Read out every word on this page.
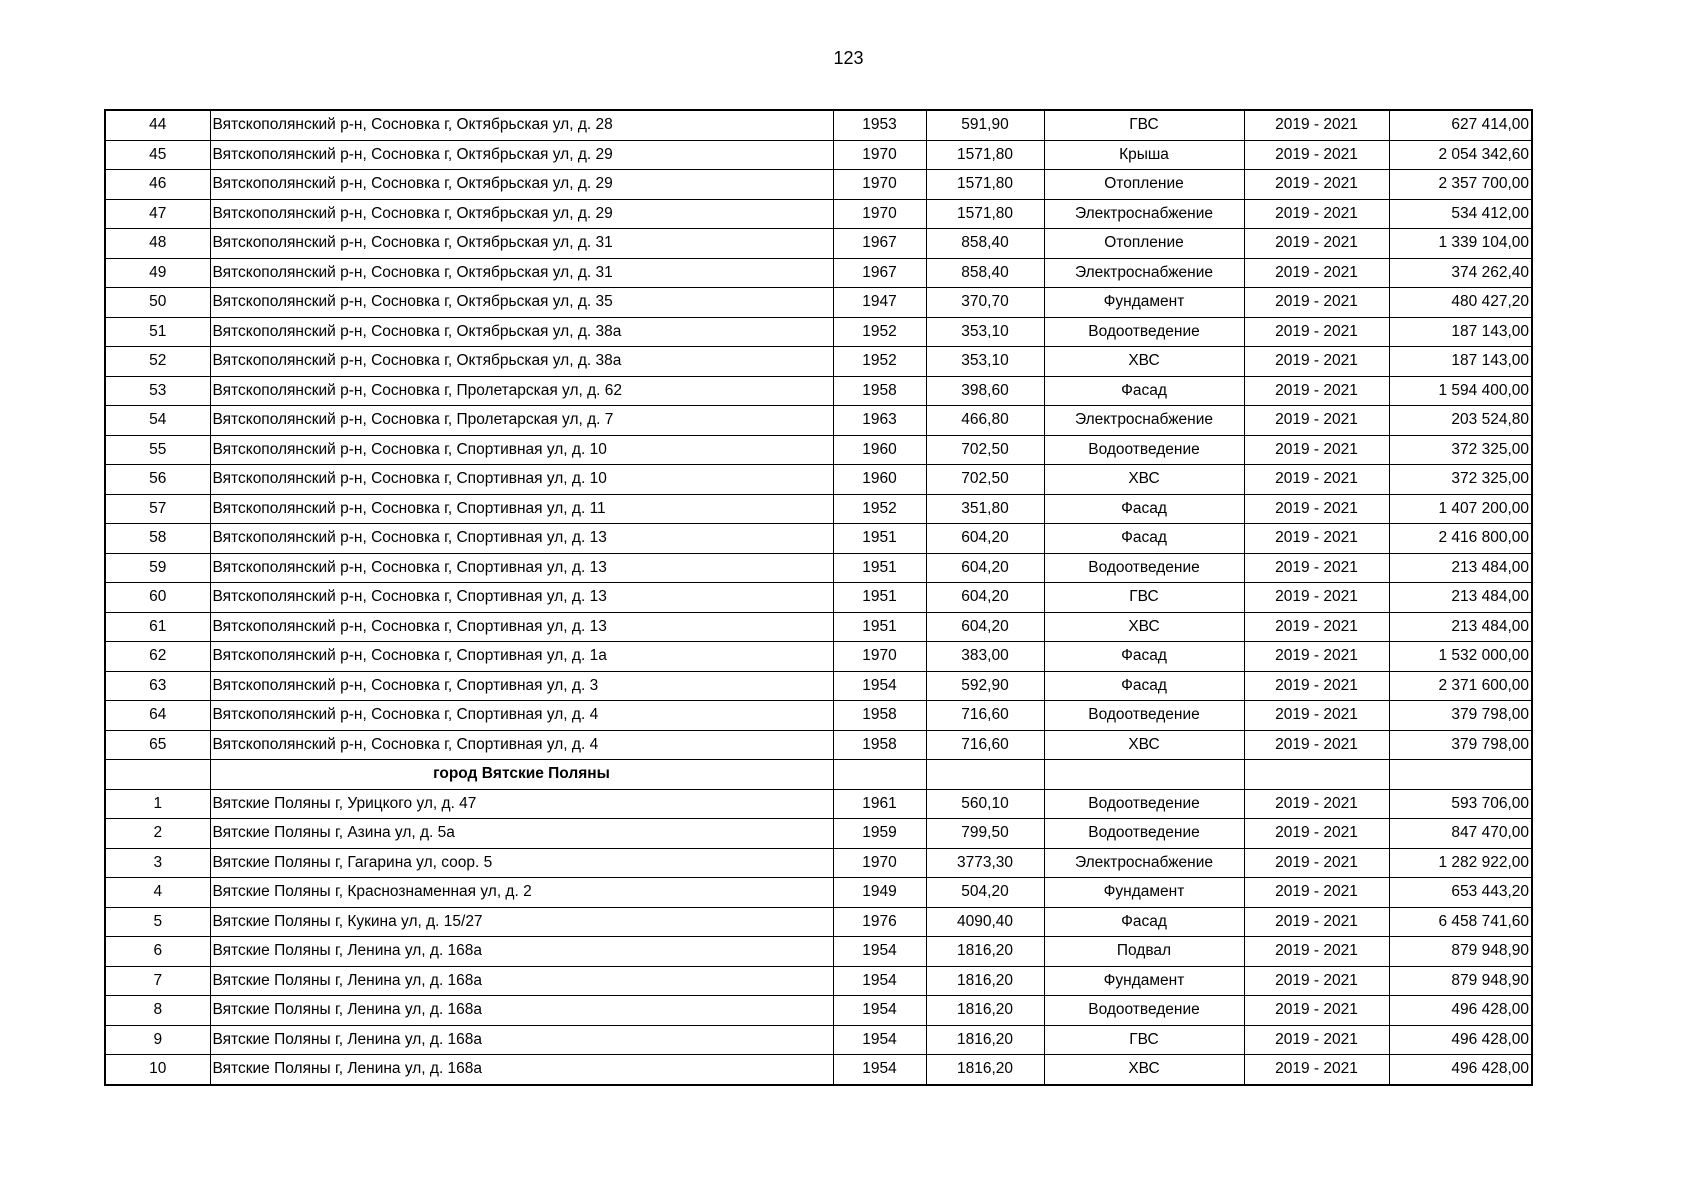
123
44	Вятскополянский р-н, Сосновка г, Октябрьская ул, д. 28	1953	591,90	ГВС	2019 - 2021	627 414,00
45	Вятскополянский р-н, Сосновка г, Октябрьская ул, д. 29	1970	1571,80	Крыша	2019 - 2021	2 054 342,60
46	Вятскополянский р-н, Сосновка г, Октябрьская ул, д. 29	1970	1571,80	Отопление	2019 - 2021	2 357 700,00
47	Вятскополянский р-н, Сосновка г, Октябрьская ул, д. 29	1970	1571,80	Электроснабжение	2019 - 2021	534 412,00
48	Вятскополянский р-н, Сосновка г, Октябрьская ул, д. 31	1967	858,40	Отопление	2019 - 2021	1 339 104,00
49	Вятскополянский р-н, Сосновка г, Октябрьская ул, д. 31	1967	858,40	Электроснабжение	2019 - 2021	374 262,40
50	Вятскополянский р-н, Сосновка г, Октябрьская ул, д. 35	1947	370,70	Фундамент	2019 - 2021	480 427,20
51	Вятскополянский р-н, Сосновка г, Октябрьская ул, д. 38а	1952	353,10	Водоотведение	2019 - 2021	187 143,00
52	Вятскополянский р-н, Сосновка г, Октябрьская ул, д. 38а	1952	353,10	ХВС	2019 - 2021	187 143,00
53	Вятскополянский р-н, Сосновка г, Пролетарская ул, д. 62	1958	398,60	Фасад	2019 - 2021	1 594 400,00
54	Вятскополянский р-н, Сосновка г, Пролетарская ул, д. 7	1963	466,80	Электроснабжение	2019 - 2021	203 524,80
55	Вятскополянский р-н, Сосновка г, Спортивная ул, д. 10	1960	702,50	Водоотведение	2019 - 2021	372 325,00
56	Вятскополянский р-н, Сосновка г, Спортивная ул, д. 10	1960	702,50	ХВС	2019 - 2021	372 325,00
57	Вятскополянский р-н, Сосновка г, Спортивная ул, д. 11	1952	351,80	Фасад	2019 - 2021	1 407 200,00
58	Вятскополянский р-н, Сосновка г, Спортивная ул, д. 13	1951	604,20	Фасад	2019 - 2021	2 416 800,00
59	Вятскополянский р-н, Сосновка г, Спортивная ул, д. 13	1951	604,20	Водоотведение	2019 - 2021	213 484,00
60	Вятскополянский р-н, Сосновка г, Спортивная ул, д. 13	1951	604,20	ГВС	2019 - 2021	213 484,00
61	Вятскополянский р-н, Сосновка г, Спортивная ул, д. 13	1951	604,20	ХВС	2019 - 2021	213 484,00
62	Вятскополянский р-н, Сосновка г, Спортивная ул, д. 1а	1970	383,00	Фасад	2019 - 2021	1 532 000,00
63	Вятскополянский р-н, Сосновка г, Спортивная ул, д. 3	1954	592,90	Фасад	2019 - 2021	2 371 600,00
64	Вятскополянский р-н, Сосновка г, Спортивная ул, д. 4	1958	716,60	Водоотведение	2019 - 2021	379 798,00
65	Вятскополянский р-н, Сосновка г, Спортивная ул, д. 4	1958	716,60	ХВС	2019 - 2021	379 798,00
	город Вятские Поляны					
1	Вятские Поляны г, Урицкого ул, д. 47	1961	560,10	Водоотведение	2019 - 2021	593 706,00
2	Вятские Поляны г, Азина ул, д. 5а	1959	799,50	Водоотведение	2019 - 2021	847 470,00
3	Вятские Поляны г, Гагарина ул, соор. 5	1970	3773,30	Электроснабжение	2019 - 2021	1 282 922,00
4	Вятские Поляны г, Краснознаменная ул, д. 2	1949	504,20	Фундамент	2019 - 2021	653 443,20
5	Вятские Поляны г, Кукина ул, д. 15/27	1976	4090,40	Фасад	2019 - 2021	6 458 741,60
6	Вятские Поляны г, Ленина ул, д. 168а	1954	1816,20	Подвал	2019 - 2021	879 948,90
7	Вятские Поляны г, Ленина ул, д. 168а	1954	1816,20	Фундамент	2019 - 2021	879 948,90
8	Вятские Поляны г, Ленина ул, д. 168а	1954	1816,20	Водоотведение	2019 - 2021	496 428,00
9	Вятские Поляны г, Ленина ул, д. 168а	1954	1816,20	ГВС	2019 - 2021	496 428,00
10	Вятские Поляны г, Ленина ул, д. 168а	1954	1816,20	ХВС	2019 - 2021	496 428,00
